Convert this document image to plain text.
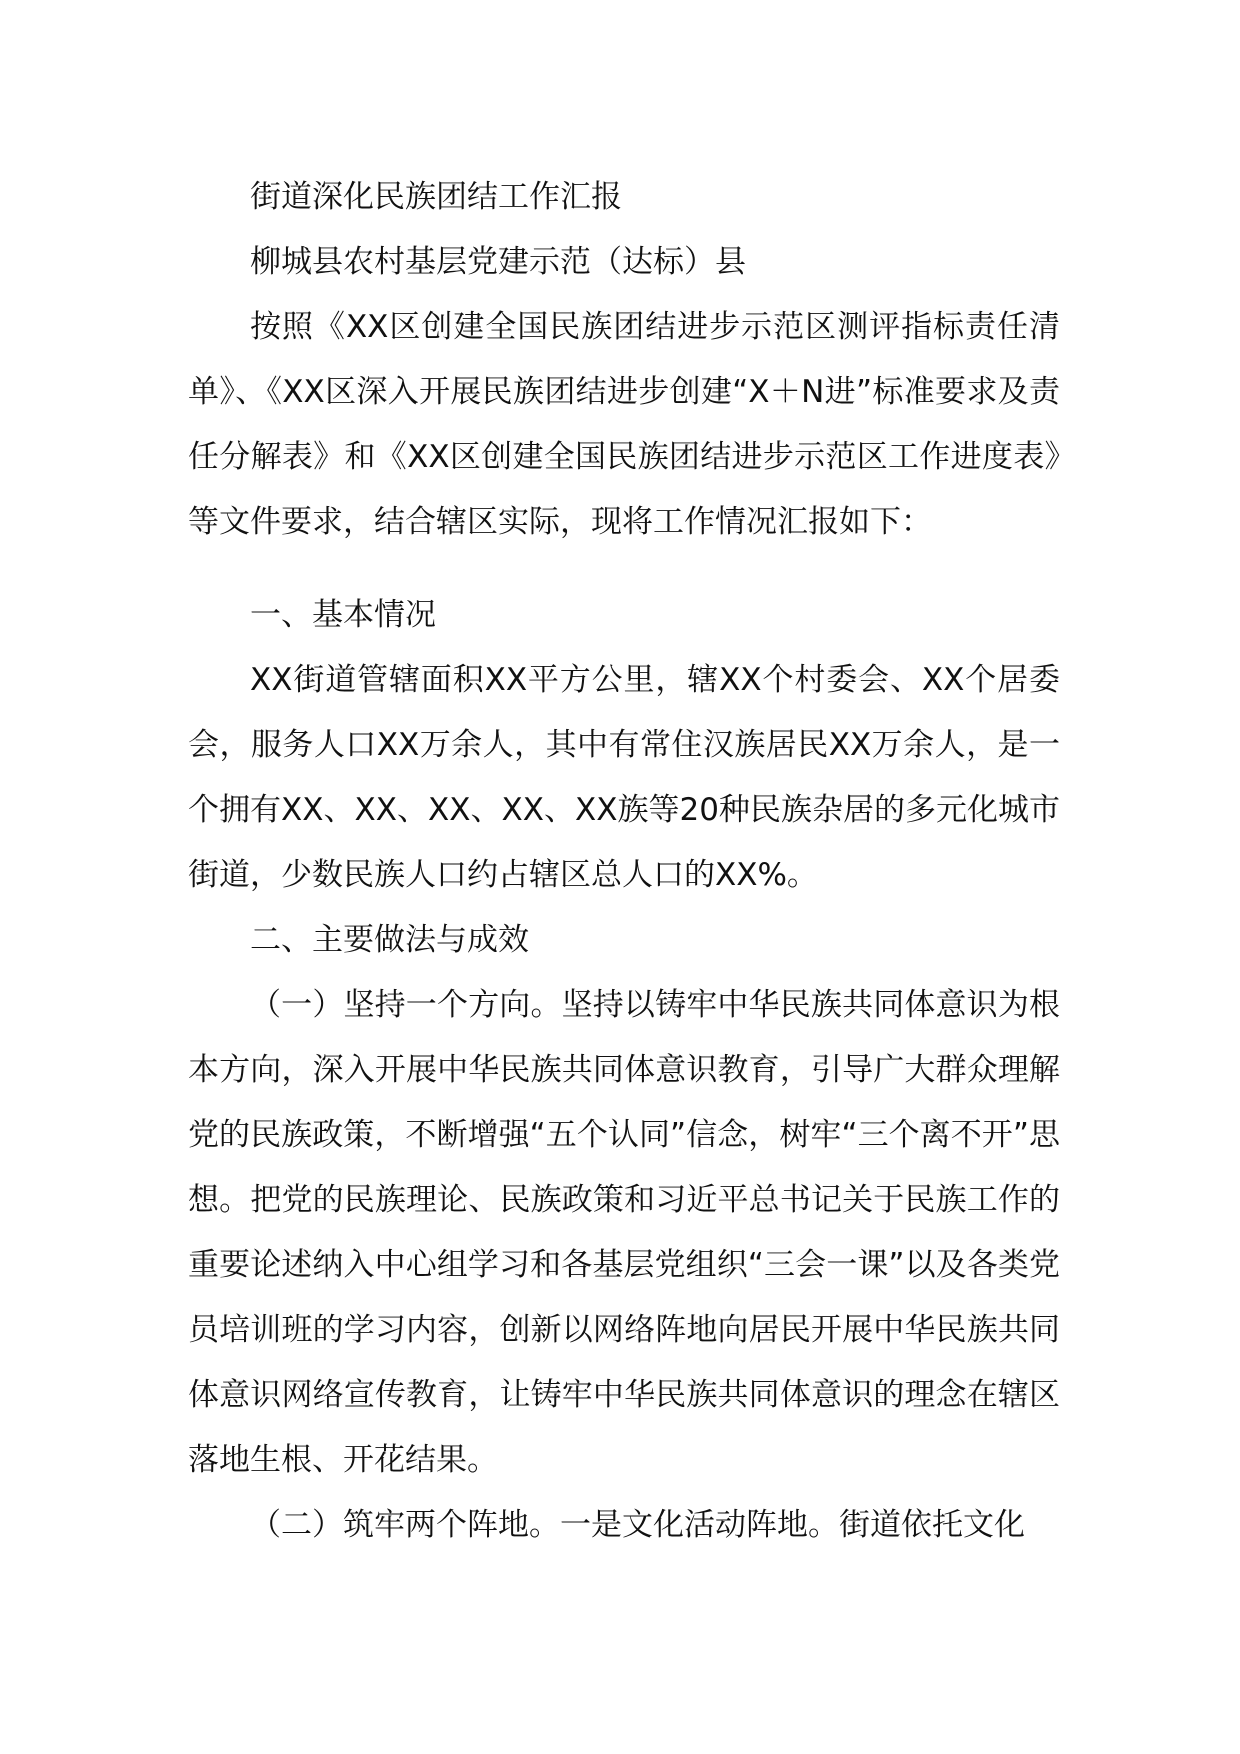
街道深化民族团结工作汇报

柳城县农村基层党建示范（达标）县

按照《XX区创建全国民族团结进步示范区测评指标责任清单》、《XX区深入开展民族团结进步创建“X＋N进”标准要求及责任分解表》和《XX区创建全国民族团结进步示范区工作进度表》等文件要求，结合辖区实际，现将工作情况汇报如下：

一、基本情况

XX街道管辖面积XX平方公里，辖XX个村委会、XX个居委会，服务人口XX万余人，其中有常住汉族居民XX万余人，是一个拥有XX、XX、XX、XX、XX族等20种民族杂居的多元化城市街道，少数民族人口约占辖区总人口的XX%。

二、主要做法与成效

（一）坚持一个方向。坚持以铸牢中华民族共同体意识为根本方向，深入开展中华民族共同体意识教育，引导广大群众理解党的民族政策，不断增强“五个认同”信念，树牢“三个离不开”思想。把党的民族理论、民族政策和习近平总书记关于民族工作的重要论述纳入中心组学习和各基层党组织“三会一课”以及各类党员培训班的学习内容，创新以网络阵地向居民开展中华民族共同体意识网络宣传教育，让铸牢中华民族共同体意识的理念在辖区落地生根、开花结果。

（二）筑牢两个阵地。一是文化活动阵地。街道依托文化
